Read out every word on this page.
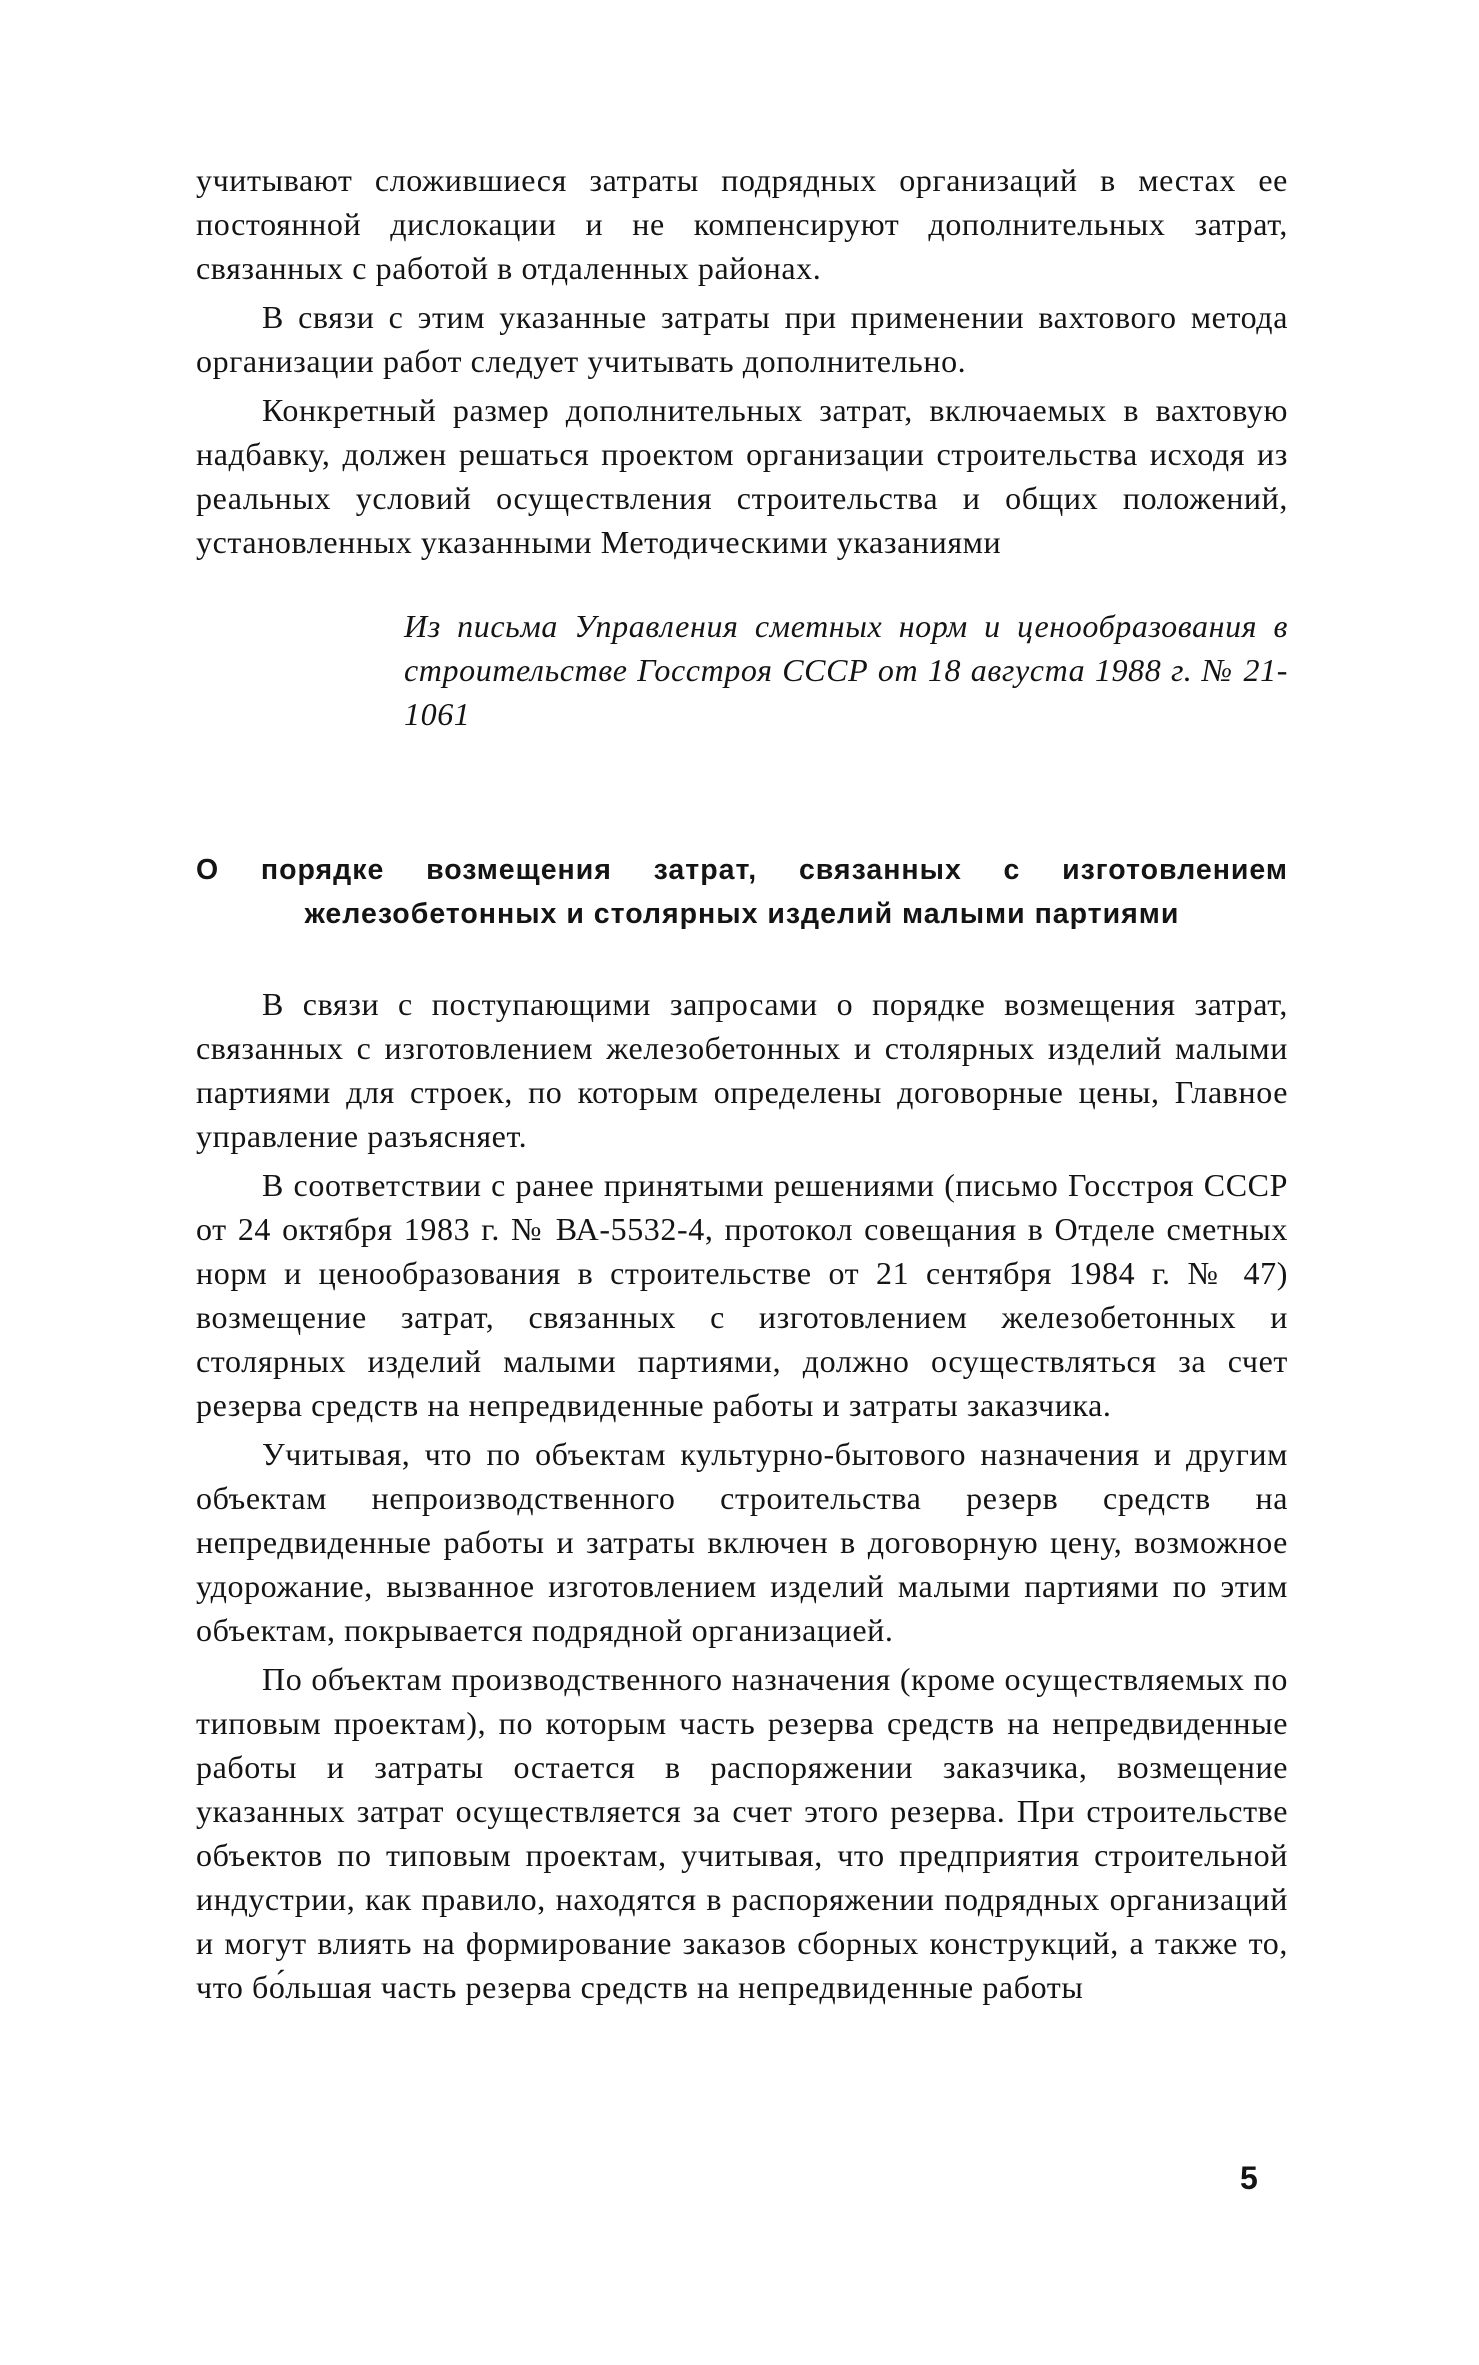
учитывают сложившиеся затраты подрядных организаций в местах ее постоянной дислокации и не компенсируют дополнительных затрат, связанных с работой в отдаленных районах.

В связи с этим указанные затраты при применении вахтового метода организации работ следует учитывать дополнительно.

Конкретный размер дополнительных затрат, включаемых в вахтовую надбавку, должен решаться проектом организации строительства исходя из реальных условий осуществления строительства и общих положений, установленных указанными Методическими указаниями

Из письма Управления сметных норм и ценообразования в строительстве Госстроя СССР от 18 августа 1988 г. № 21-1061
О порядке возмещения затрат, связанных с изготовлением
железобетонных и столярных изделий малыми партиями

В связи с поступающими запросами о порядке возмещения затрат, связанных с изготовлением железобетонных и столярных изделий малыми партиями для строек, по которым определены договорные цены, Главное управление разъясняет.

В соответствии с ранее принятыми решениями (письмо Госстроя СССР от 24 октября 1983 г. № ВА-5532-4, протокол совещания в Отделе сметных норм и ценообразования в строительстве от 21 сентября 1984 г. № 47) возмещение затрат, связанных с изготовлением железобетонных и столярных изделий малыми партиями, должно осуществляться за счет резерва средств на непредвиденные работы и затраты заказчика.

Учитывая, что по объектам культурно-бытового назначения и другим объектам непроизводственного строительства резерв средств на непредвиденные работы и затраты включен в договорную цену, возможное удорожание, вызванное изготовлением изделий малыми партиями по этим объектам, покрывается подрядной организацией.

По объектам производственного назначения (кроме осуществляемых по типовым проектам), по которым часть резерва средств на непредвиденные работы и затраты остается в распоряжении заказчика, возмещение указанных затрат осуществляется за счет этого резерва. При строительстве объектов по типовым проектам, учитывая, что предприятия строительной индустрии, как правило, находятся в распоряжении подрядных организаций и могут влиять на формирование заказов сборных конструкций, а также то, что бо́льшая часть резерва средств на непредвиденные работы

5
